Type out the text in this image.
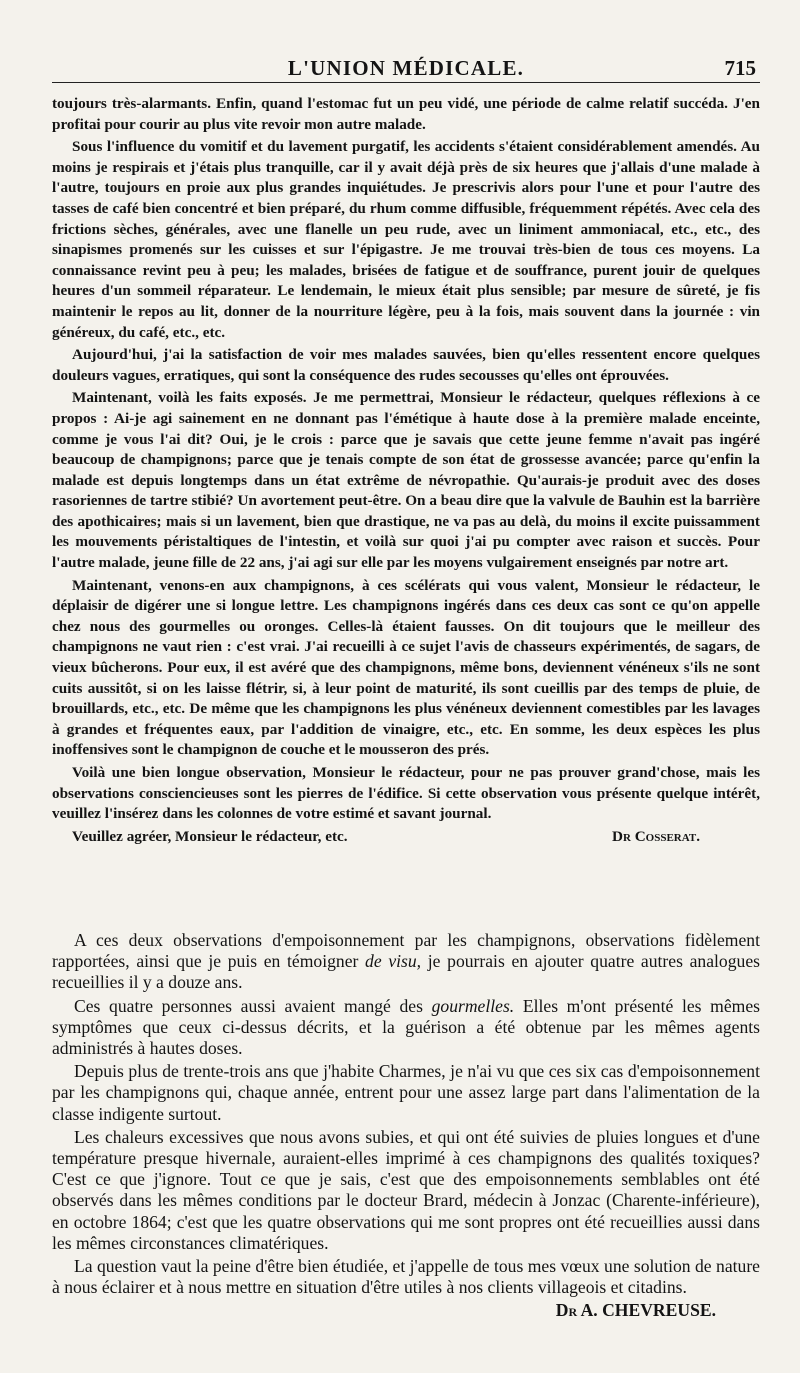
L'UNION MÉDICALE.	715

toujours très-alarmants. Enfin, quand l'estomac fut un peu vidé, une période de calme relatif succéda. J'en profitai pour courir au plus vite revoir mon autre malade.

Sous l'influence du vomitif et du lavement purgatif, les accidents s'étaient considérablement amendés. Au moins je respirais et j'étais plus tranquille, car il y avait déjà près de six heures que j'allais d'une malade à l'autre, toujours en proie aux plus grandes inquiétudes. Je prescrivis alors pour l'une et pour l'autre des tasses de café bien concentré et bien préparé, du rhum comme diffusible, fréquemment répétés. Avec cela des frictions sèches, générales, avec une flanelle un peu rude, avec un liniment ammoniacal, etc., etc., des sinapismes promenés sur les cuisses et sur l'épigastre. Je me trouvai très-bien de tous ces moyens. La connaissance revint peu à peu; les malades, brisées de fatigue et de souffrance, purent jouir de quelques heures d'un sommeil réparateur. Le lendemain, le mieux était plus sensible; par mesure de sûreté, je fis maintenir le repos au lit, donner de la nourriture légère, peu à la fois, mais souvent dans la journée : vin généreux, du café, etc., etc.

Aujourd'hui, j'ai la satisfaction de voir mes malades sauvées, bien qu'elles ressentent encore quelques douleurs vagues, erratiques, qui sont la conséquence des rudes secousses qu'elles ont éprouvées.

Maintenant, voilà les faits exposés. Je me permettrai, Monsieur le rédacteur, quelques réflexions à ce propos : Ai-je agi sainement en ne donnant pas l'émétique à haute dose à la première malade enceinte, comme je vous l'ai dit? Oui, je le crois : parce que je savais que cette jeune femme n'avait pas ingéré beaucoup de champignons; parce que je tenais compte de son état de grossesse avancée; parce qu'enfin la malade est depuis longtemps dans un état extrême de névropathie. Qu'aurais-je produit avec des doses rasoriennes de tartre stibié? Un avortement peut-être. On a beau dire que la valvule de Bauhin est la barrière des apothicaires; mais si un lavement, bien que drastique, ne va pas au delà, du moins il excite puissamment les mouvements péristaltiques de l'intestin, et voilà sur quoi j'ai pu compter avec raison et succès. Pour l'autre malade, jeune fille de 22 ans, j'ai agi sur elle par les moyens vulgairement enseignés par notre art.

Maintenant, venons-en aux champignons, à ces scélérats qui vous valent, Monsieur le rédacteur, le déplaisir de digérer une si longue lettre. Les champignons ingérés dans ces deux cas sont ce qu'on appelle chez nous des gourmelles ou oronges. Celles-là étaient fausses. On dit toujours que le meilleur des champignons ne vaut rien : c'est vrai. J'ai recueilli à ce sujet l'avis de chasseurs expérimentés, de sagars, de vieux bûcherons. Pour eux, il est avéré que des champignons, même bons, deviennent vénéneux s'ils ne sont cuits aussitôt, si on les laisse flétrir, si, à leur point de maturité, ils sont cueillis par des temps de pluie, de brouillards, etc., etc. De même que les champignons les plus vénéneux deviennent comestibles par les lavages à grandes et fréquentes eaux, par l'addition de vinaigre, etc., etc. En somme, les deux espèces les plus inoffensives sont le champignon de couche et le mousseron des prés.

Voilà une bien longue observation, Monsieur le rédacteur, pour ne pas prouver grand'chose, mais les observations consciencieuses sont les pierres de l'édifice. Si cette observation vous présente quelque intérêt, veuillez l'insérez dans les colonnes de votre estimé et savant journal.

Veuillez agréer, Monsieur le rédacteur, etc.	Dr Cosserat.

A ces deux observations d'empoisonnement par les champignons, observations fidèlement rapportées, ainsi que je puis en témoigner de visu, je pourrais en ajouter quatre autres analogues recueillies il y a douze ans.

Ces quatre personnes aussi avaient mangé des gourmelles. Elles m'ont présenté les mêmes symptômes que ceux ci-dessus décrits, et la guérison a été obtenue par les mêmes agents administrés à hautes doses.

Depuis plus de trente-trois ans que j'habite Charmes, je n'ai vu que ces six cas d'empoisonnement par les champignons qui, chaque année, entrent pour une assez large part dans l'alimentation de la classe indigente surtout.

Les chaleurs excessives que nous avons subies, et qui ont été suivies de pluies longues et d'une température presque hivernale, auraient-elles imprimé à ces champignons des qualités toxiques? C'est ce que j'ignore. Tout ce que je sais, c'est que des empoisonnements semblables ont été observés dans les mêmes conditions par le docteur Brard, médecin à Jonzac (Charente-inférieure), en octobre 1864; c'est que les quatre observations qui me sont propres ont été recueillies aussi dans les mêmes circonstances climatériques.

La question vaut la peine d'être bien étudiée, et j'appelle de tous mes vœux une solution de nature à nous éclairer et à nous mettre en situation d'être utiles à nos clients villageois et citadins.

Dr A. CHEVREUSE.
